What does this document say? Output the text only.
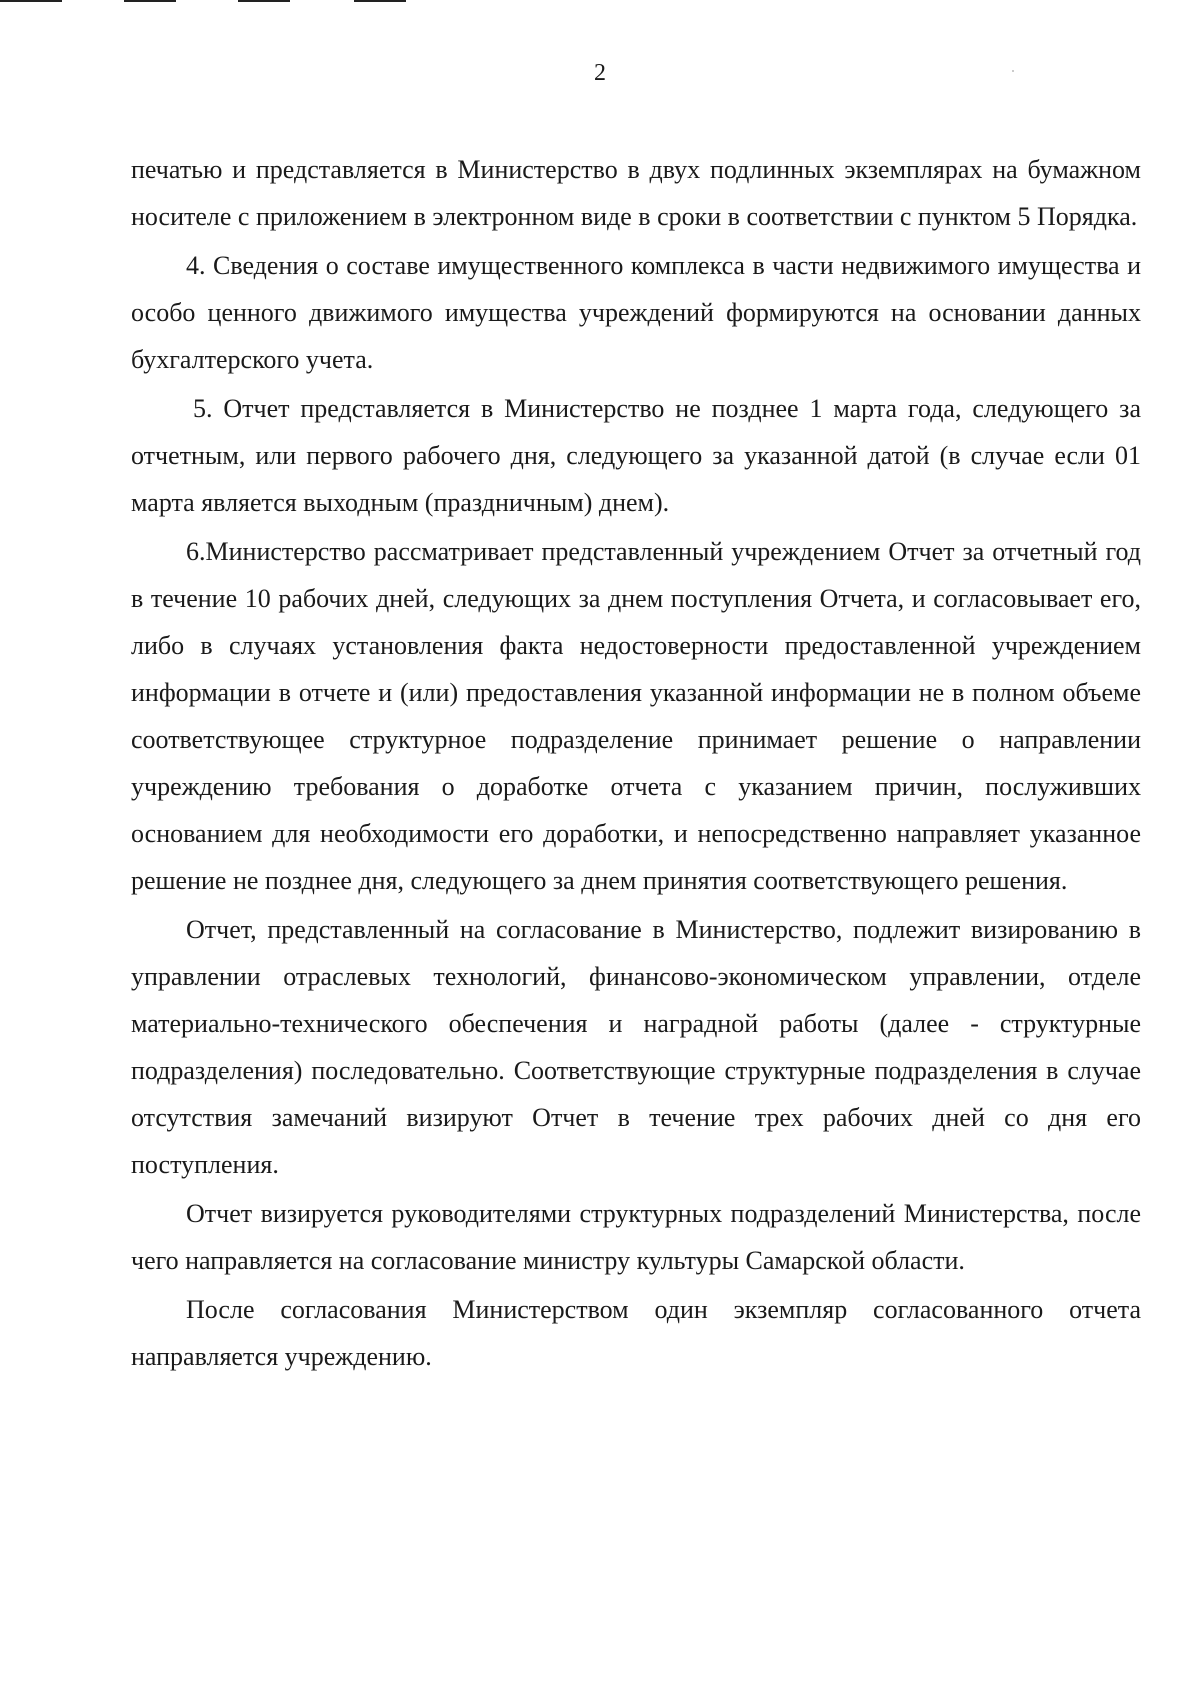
2

печатью и представляется в Министерство в двух подлинных экземплярах на бумажном носителе с приложением в электронном виде в сроки в соответствии с пунктом 5 Порядка.

4. Сведения о составе имущественного комплекса в части недвижимого имущества и особо ценного движимого имущества учреждений формируются на основании данных бухгалтерского учета.

5. Отчет представляется в Министерство не позднее 1 марта года, следующего за отчетным, или первого рабочего дня, следующего за указанной датой (в случае если 01 марта является выходным (праздничным) днем).

6.Министерство рассматривает представленный учреждением Отчет за отчетный год в течение 10 рабочих дней, следующих за днем поступления Отчета, и согласовывает его, либо в случаях установления факта недостоверности предоставленной учреждением информации в отчете и (или) предоставления указанной информации не в полном объеме соответствующее структурное подразделение принимает решение о направлении учреждению требования о доработке отчета с указанием причин, послуживших основанием для необходимости его доработки, и непосредственно направляет указанное решение не позднее дня, следующего за днем принятия соответствующего решения.

Отчет, представленный на согласование в Министерство, подлежит визированию в управлении отраслевых технологий, финансово-экономическом управлении, отделе материально-технического обеспечения и наградной работы (далее - структурные подразделения) последовательно. Соответствующие структурные подразделения в случае отсутствия замечаний визируют Отчет в течение трех рабочих дней со дня его поступления.

Отчет визируется руководителями структурных подразделений Министерства, после чего направляется на согласование министру культуры Самарской области.

После согласования Министерством один экземпляр согласованного отчета направляется учреждению.
